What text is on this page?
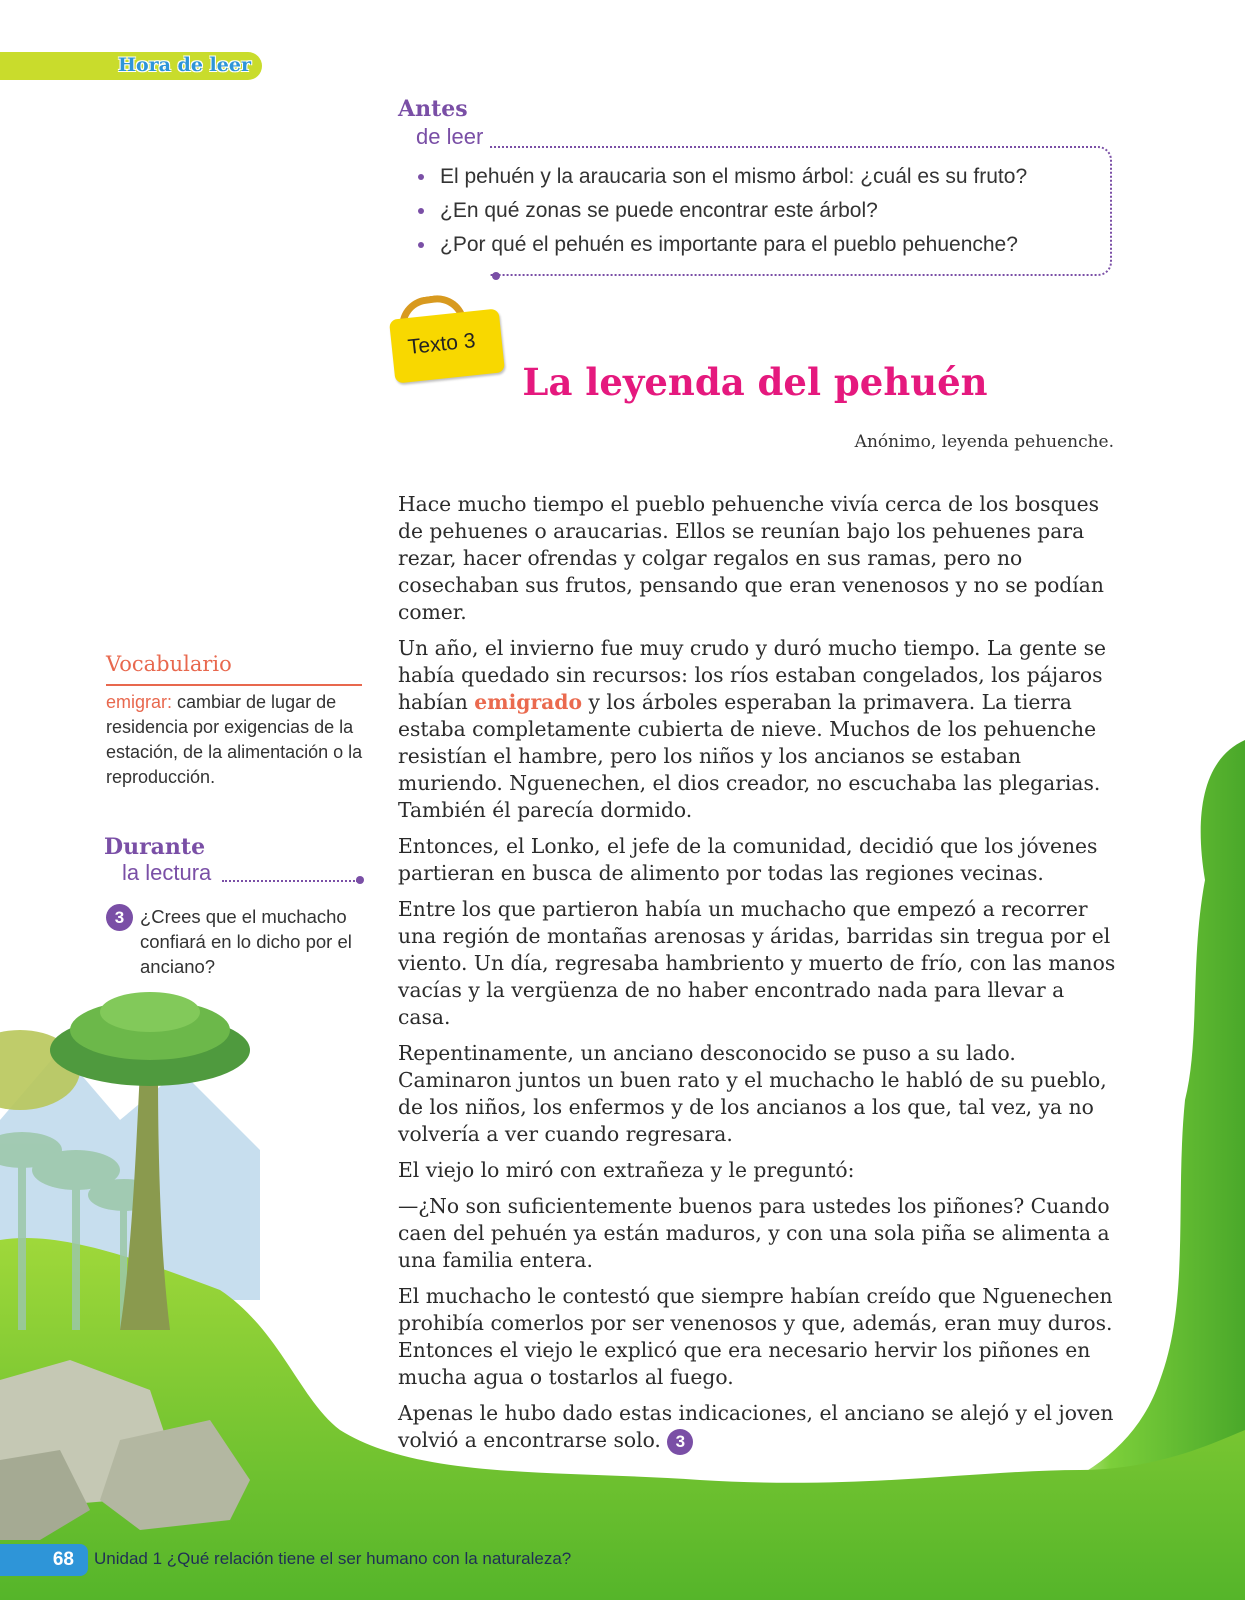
Hora de leer
Antes
de leer
El pehuén y la araucaria son el mismo árbol: ¿cuál es su fruto?
¿En qué zonas se puede encontrar este árbol?
¿Por qué el pehuén es importante para el pueblo pehuenche?
Texto 3
La leyenda del pehuén
Anónimo, leyenda pehuenche.

Hace mucho tiempo el pueblo pehuenche vivía cerca de los bosques de pehuenes o araucarias. Ellos se reunían bajo los pehuenes para rezar, hacer ofrendas y colgar regalos en sus ramas, pero no cosechaban sus frutos, pensando que eran venenosos y no se podían comer.

Un año, el invierno fue muy crudo y duró mucho tiempo. La gente se había quedado sin recursos: los ríos estaban congelados, los pájaros habían emigrado y los árboles esperaban la primavera. La tierra estaba completamente cubierta de nieve. Muchos de los pehuenche resistían el hambre, pero los niños y los ancianos se estaban muriendo. Nguenechen, el dios creador, no escuchaba las plegarias. También él parecía dormido.

Entonces, el Lonko, el jefe de la comunidad, decidió que los jóvenes partieran en busca de alimento por todas las regiones vecinas.

Entre los que partieron había un muchacho que empezó a recorrer una región de montañas arenosas y áridas, barridas sin tregua por el viento. Un día, regresaba hambriento y muerto de frío, con las manos vacías y la vergüenza de no haber encontrado nada para llevar a casa.

Repentinamente, un anciano desconocido se puso a su lado. Caminaron juntos un buen rato y el muchacho le habló de su pueblo, de los niños, los enfermos y de los ancianos a los que, tal vez, ya no volvería a ver cuando regresara.

El viejo lo miró con extrañeza y le preguntó:

—¿No son suficientemente buenos para ustedes los piñones? Cuando caen del pehuén ya están maduros, y con una sola piña se alimenta a una familia entera.

El muchacho le contestó que siempre habían creído que Nguenechen prohibía comerlos por ser venenosos y que, además, eran muy duros. Entonces el viejo le explicó que era necesario hervir los piñones en mucha agua o tostarlos al fuego.

Apenas le hubo dado estas indicaciones, el anciano se alejó y el joven volvió a encontrarse solo. 3

Vocabulario
emigrar: cambiar de lugar de residencia por exigencias de la estación, de la alimentación o la reproducción.
Durante
la lectura
3 ¿Crees que el muchacho confiará en lo dicho por el anciano?
68	Unidad 1 ¿Qué relación tiene el ser humano con la naturaleza?
